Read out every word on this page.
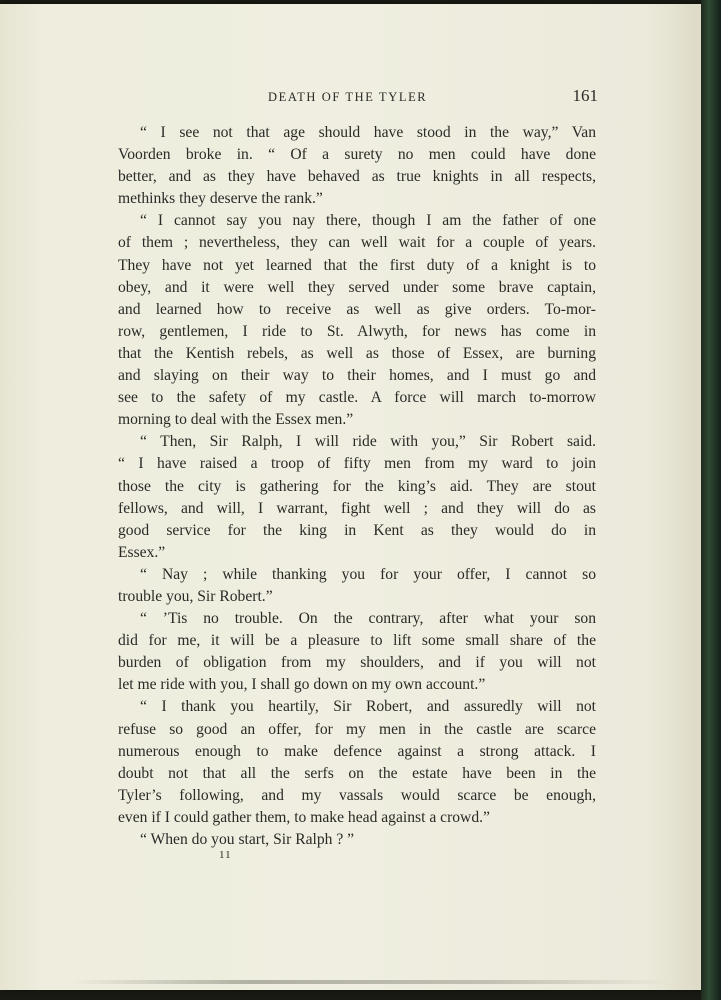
DEATH OF THE TYLER	161
“ I see not that age should have stood in the way,” Van
Voorden broke in. “ Of a surety no men could have done
better, and as they have behaved as true knights in all respects,
methinks they deserve the rank.”
“ I cannot say you nay there, though I am the father of one
of them ; nevertheless, they can well wait for a couple of years.
They have not yet learned that the first duty of a knight is to
obey, and it were well they served under some brave captain,
and learned how to receive as well as give orders. To-mor-
row, gentlemen, I ride to St. Alwyth, for news has come in
that the Kentish rebels, as well as those of Essex, are burning
and slaying on their way to their homes, and I must go and
see to the safety of my castle. A force will march to-morrow
morning to deal with the Essex men.”
“ Then, Sir Ralph, I will ride with you,” Sir Robert said.
“ I have raised a troop of fifty men from my ward to join
those the city is gathering for the king’s aid. They are stout
fellows, and will, I warrant, fight well ; and they will do as
good service for the king in Kent as they would do in
Essex.”
“ Nay ; while thanking you for your offer, I cannot so
trouble you, Sir Robert.”
“ ’Tis no trouble. On the contrary, after what your son
did for me, it will be a pleasure to lift some small share of the
burden of obligation from my shoulders, and if you will not
let me ride with you, I shall go down on my own account.”
“ I thank you heartily, Sir Robert, and assuredly will not
refuse so good an offer, for my men in the castle are scarce
numerous enough to make defence against a strong attack. I
doubt not that all the serfs on the estate have been in the
Tyler’s following, and my vassals would scarce be enough,
even if I could gather them, to make head against a crowd.”
“ When do you start, Sir Ralph ? ”
11
